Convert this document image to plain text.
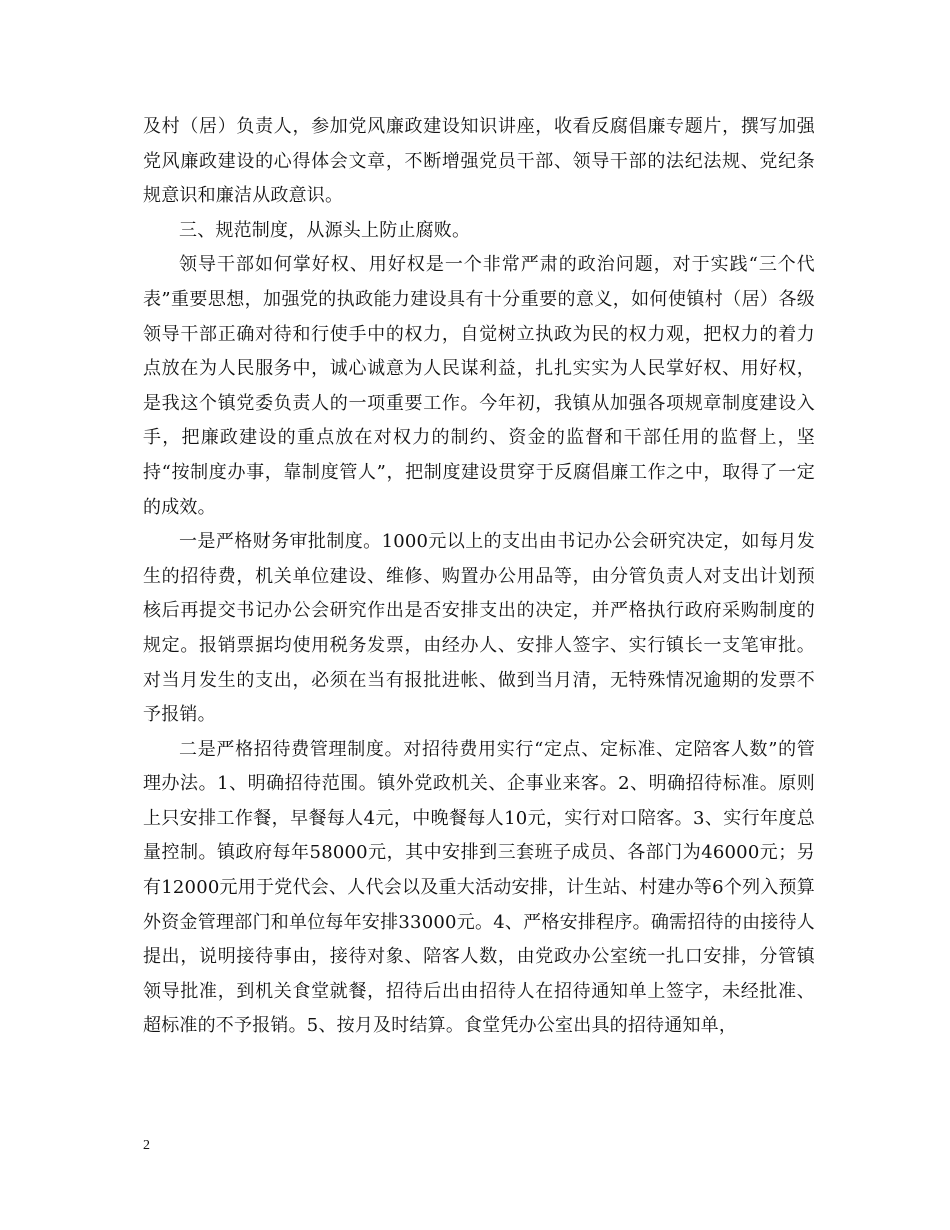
及村（居）负责人，参加党风廉政建设知识讲座，收看反腐倡廉专题片，撰写加强党风廉政建设的心得体会文章，不断增强党员干部、领导干部的法纪法规、党纪条规意识和廉洁从政意识。

三、规范制度，从源头上防止腐败。

领导干部如何掌好权、用好权是一个非常严肃的政治问题，对于实践“三个代表”重要思想，加强党的执政能力建设具有十分重要的意义，如何使镇村（居）各级领导干部正确对待和行使手中的权力，自觉树立执政为民的权力观，把权力的着力点放在为人民服务中，诚心诚意为人民谋利益，扎扎实实为人民掌好权、用好权，是我这个镇党委负责人的一项重要工作。今年初，我镇从加强各项规章制度建设入手，把廉政建设的重点放在对权力的制约、资金的监督和干部任用的监督上，坚持“按制度办事，靠制度管人”，把制度建设贯穿于反腐倡廉工作之中，取得了一定的成效。

一是严格财务审批制度。1000元以上的支出由书记办公会研究决定，如每月发生的招待费，机关单位建设、维修、购置办公用品等，由分管负责人对支出计划预核后再提交书记办公会研究作出是否安排支出的决定，并严格执行政府采购制度的规定。报销票据均使用税务发票，由经办人、安排人签字、实行镇长一支笔审批。对当月发生的支出，必须在当有报批进帐、做到当月清，无特殊情况逾期的发票不予报销。

二是严格招待费管理制度。对招待费用实行“定点、定标准、定陪客人数”的管理办法。1、明确招待范围。镇外党政机关、企事业来客。2、明确招待标准。原则上只安排工作餐，早餐每人4元，中晚餐每人10元，实行对口陪客。3、实行年度总量控制。镇政府每年58000元，其中安排到三套班子成员、各部门为46000元；另有12000元用于党代会、人代会以及重大活动安排，计生站、村建办等6个列入预算外资金管理部门和单位每年安排33000元。4、严格安排程序。确需招待的由接待人提出，说明接待事由，接待对象、陪客人数，由党政办公室统一扎口安排，分管镇领导批准，到机关食堂就餐，招待后出由招待人在招待通知单上签字，未经批准、超标准的不予报销。5、按月及时结算。食堂凭办公室出具的招待通知单，

2
